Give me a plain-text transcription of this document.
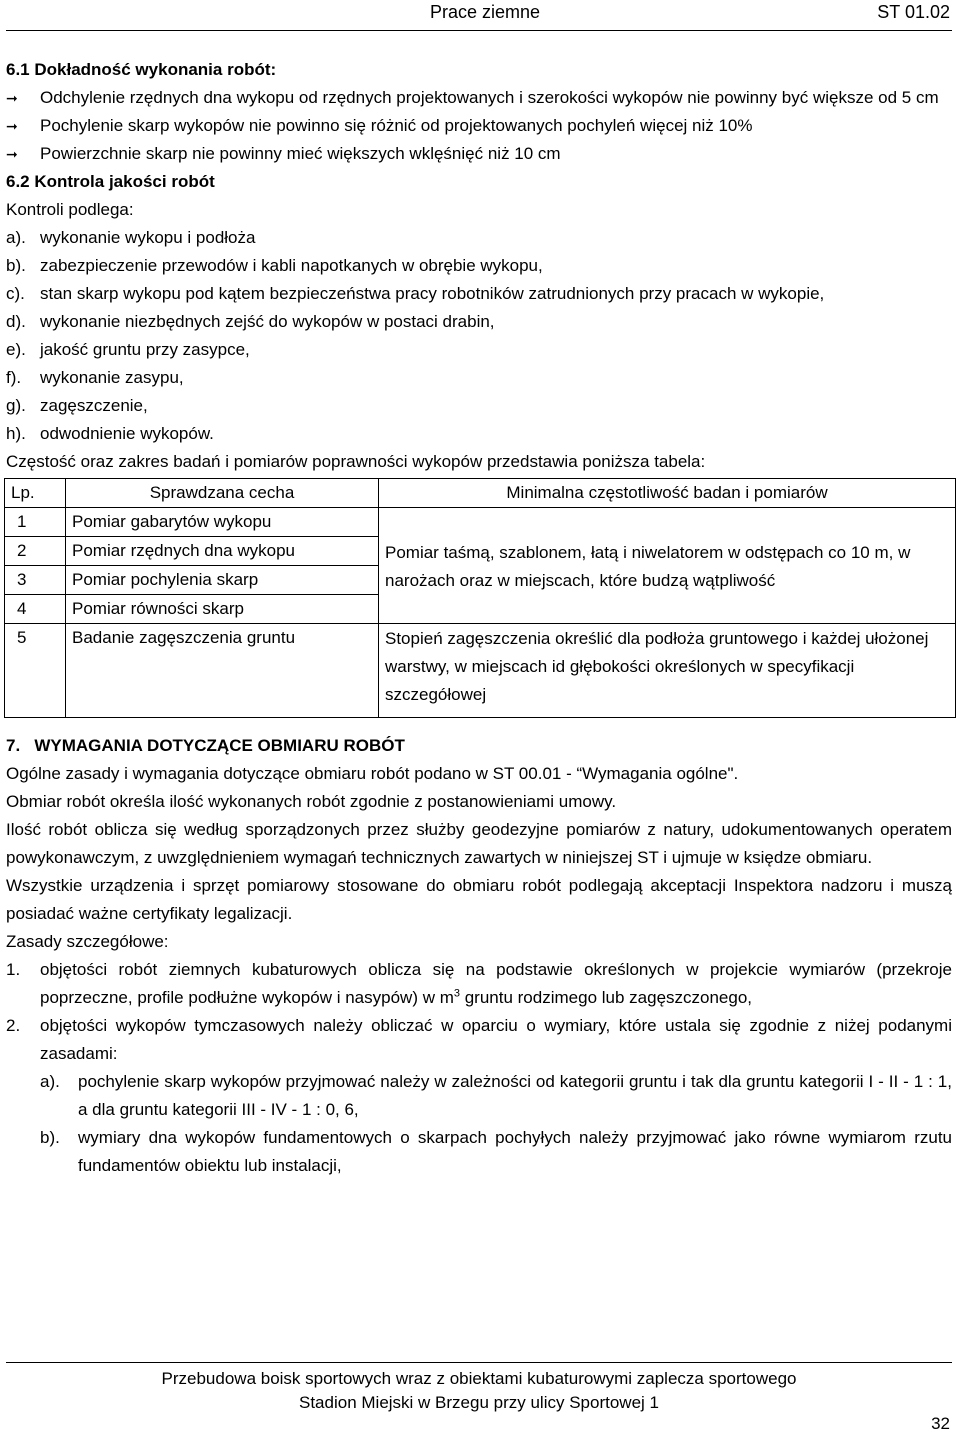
Prace ziemne	ST 01.02
6.1 Dokładność wykonania robót:
➞ Odchylenie rzędnych dna wykopu od rzędnych projektowanych i szerokości wykopów nie powinny być większe od 5 cm
➞ Pochylenie skarp wykopów nie powinno się różnić od projektowanych pochyleń więcej niż 10%
➞ Powierzchnie skarp nie powinny mieć większych wklęśnięć niż 10 cm
6.2 Kontrola jakości robót
Kontroli podlega:
a). wykonanie wykopu i podłoża
b). zabezpieczenie przewodów i kabli napotkanych w obrębie wykopu,
c). stan skarp wykopu pod kątem bezpieczeństwa pracy robotników zatrudnionych przy pracach w wykopie,
d). wykonanie niezbędnych zejść do wykopów w postaci drabin,
e). jakość gruntu przy zasypce,
f). wykonanie zasypu,
g). zagęszczenie,
h). odwodnienie wykopów.
Częstość oraz zakres badań i pomiarów poprawności wykopów przedstawia poniższa tabela:
Lp.	Sprawdzana cecha	Minimalna częstotliwość badan i pomiarów
1	Pomiar gabarytów wykopu	Pomiar taśmą, szablonem, łatą i niwelatorem w odstępach co 10 m, w narożach oraz w miejscach, które budzą wątpliwość

2	Pomiar rzędnych dna wykopu	
3	Pomiar pochylenia skarp	
4	Pomiar równości skarp	
5	Badanie zagęszczenia gruntu	Stopień zagęszczenia określić dla podłoża gruntowego i każdej ułożonej warstwy, w miejscach id głębokości określonych w specyfikacji szczegółowej
7.   WYMAGANIA DOTYCZĄCE OBMIARU ROBÓT
Ogólne zasady i wymagania dotyczące obmiaru robót podano w ST 00.01 - “Wymagania ogólne".
Obmiar robót określa ilość wykonanych robót zgodnie z postanowieniami umowy.
Ilość robót oblicza się według sporządzonych przez służby geodezyjne pomiarów z natury, udokumentowanych operatem powykonawczym, z uwzględnieniem wymagań technicznych zawartych w niniejszej ST i ujmuje w księdze obmiaru.
Wszystkie urządzenia i sprzęt pomiarowy stosowane do obmiaru robót podlegają akceptacji Inspektora nadzoru i muszą posiadać ważne certyfikaty legalizacji.
Zasady szczegółowe:
1. objętości robót ziemnych kubaturowych oblicza się na podstawie określonych w projekcie wymiarów (przekroje poprzeczne, profile podłużne wykopów i nasypów) w $m^3$ gruntu rodzimego lub zagęszczonego,
2. objętości wykopów tymczasowych należy obliczać w oparciu o wymiary, które ustala się zgodnie z niżej podanymi zasadami:
a). pochylenie skarp wykopów przyjmować należy w zależności od kategorii gruntu i tak dla gruntu kategorii I - II - 1 : 1, a dla gruntu kategorii III - IV - 1 : 0, 6,
b). wymiary dna wykopów fundamentowych o skarpach pochyłych należy przyjmować jako równe wymiarom rzutu fundamentów obiektu lub instalacji,
Przebudowa boisk sportowych wraz z obiektami kubaturowymi zaplecza sportowego
Stadion Miejski w Brzegu przy ulicy Sportowej 1
32
